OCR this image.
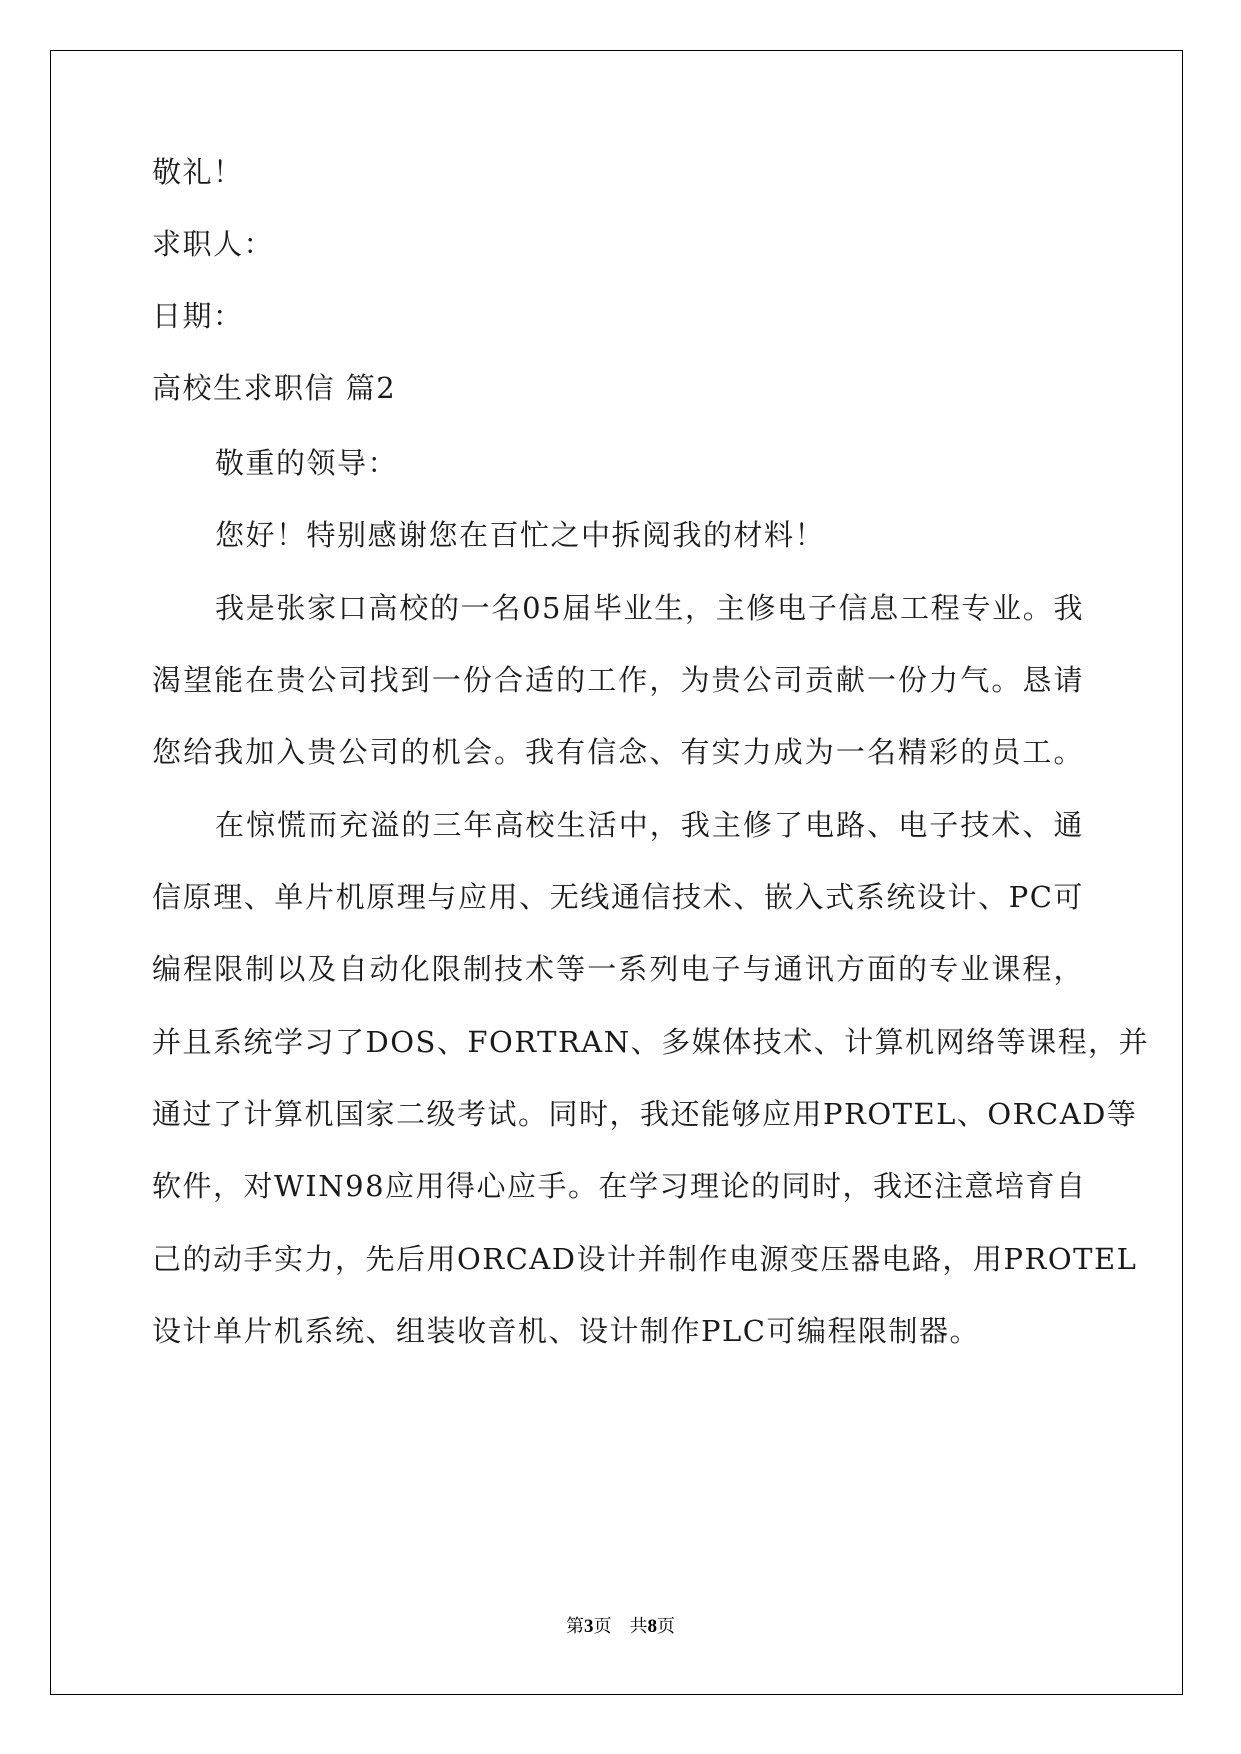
敬礼！
求职人：
日期：
高校生求职信 篇2
敬重的领导：
您好！特别感谢您在百忙之中拆阅我的材料！
我是张家口高校的一名05届毕业生，主修电子信息工程专业。我
渴望能在贵公司找到一份合适的工作，为贵公司贡献一份力气。恳请
您给我加入贵公司的机会。我有信念、有实力成为一名精彩的员工。
在惊慌而充溢的三年高校生活中，我主修了电路、电子技术、通
信原理、单片机原理与应用、无线通信技术、嵌入式系统设计、PC可
编程限制以及自动化限制技术等一系列电子与通讯方面的专业课程，
并且系统学习了DOS、FORTRAN、多媒体技术、计算机网络等课程，并
通过了计算机国家二级考试。同时，我还能够应用PROTEL、ORCAD等
软件，对WIN98应用得心应手。在学习理论的同时，我还注意培育自
己的动手实力，先后用ORCAD设计并制作电源变压器电路，用PROTEL
设计单片机系统、组装收音机、设计制作PLC可编程限制器。
第3页　共8页
